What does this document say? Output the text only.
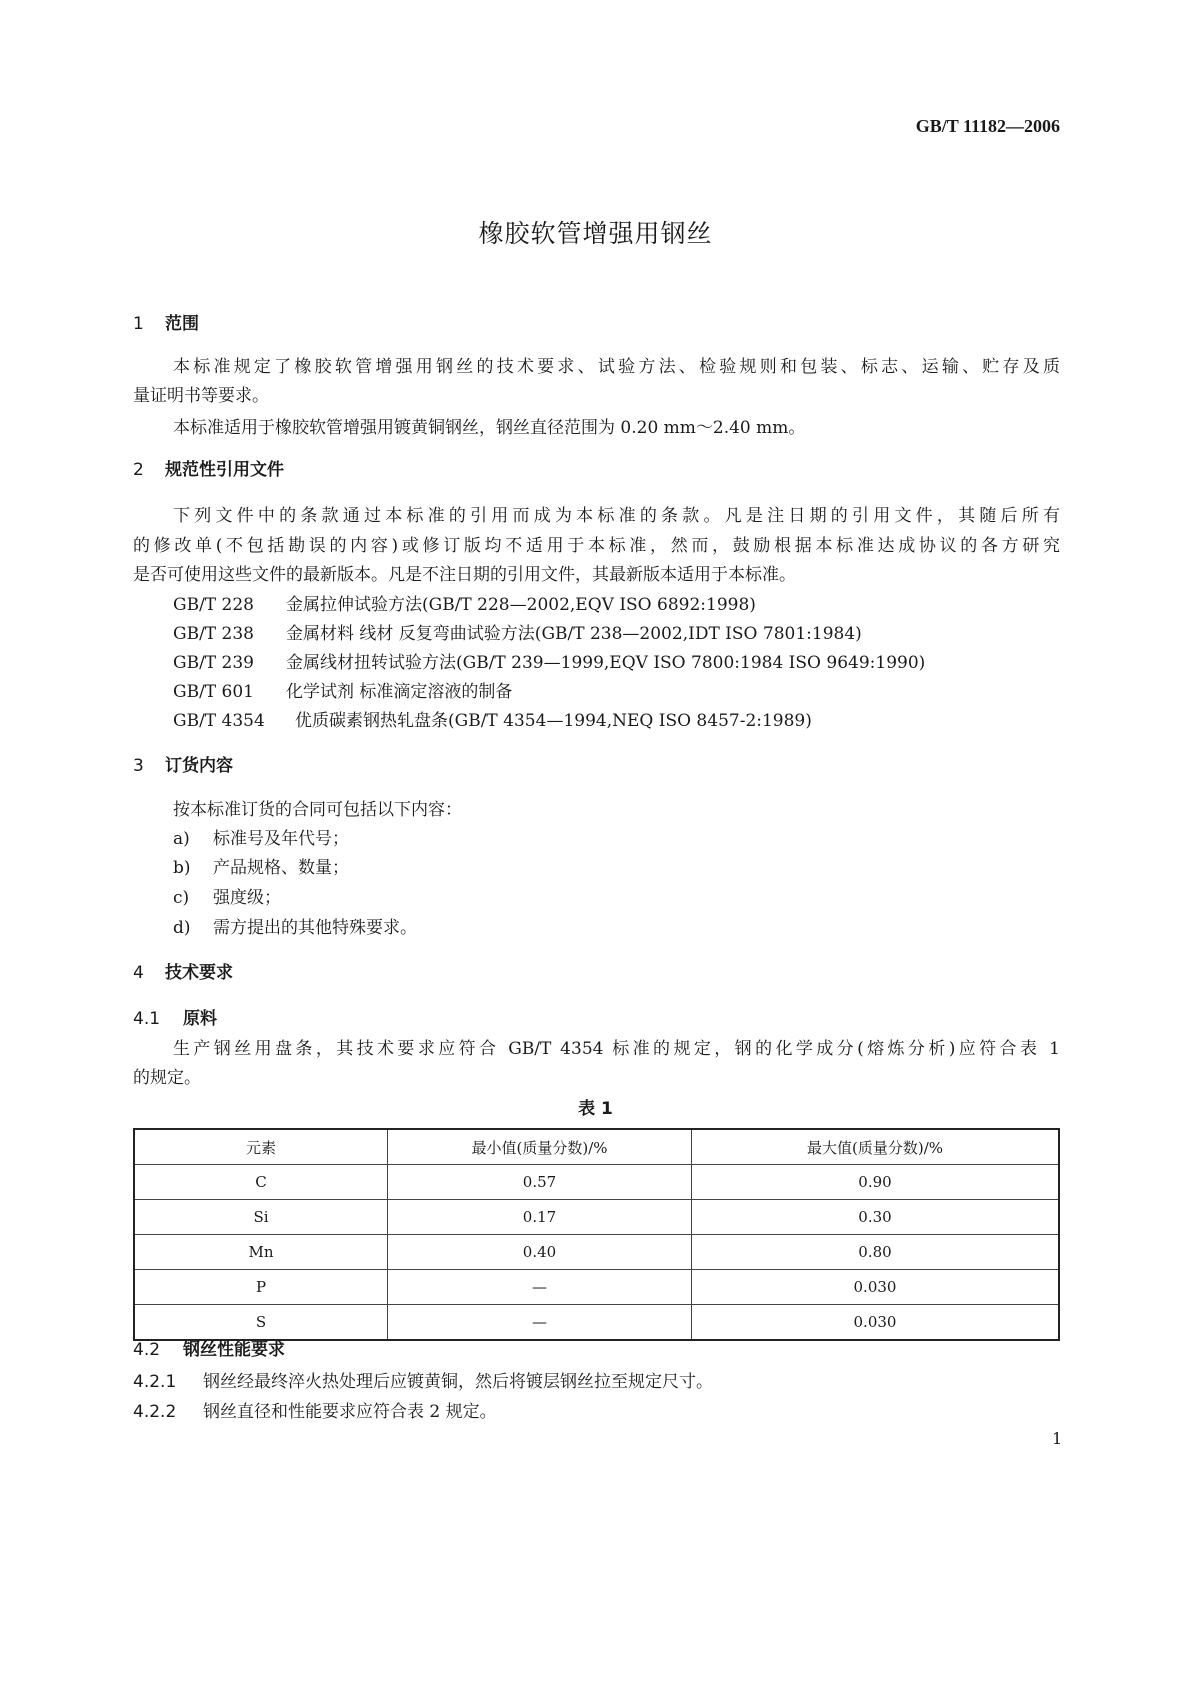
GB/T 11182—2006
橡胶软管增强用钢丝
1 范围
本标准规定了橡胶软管增强用钢丝的技术要求、试验方法、检验规则和包装、标志、运输、贮存及质
量证明书等要求。
本标准适用于橡胶软管增强用镀黄铜钢丝，钢丝直径范围为 0.20 mm～2.40 mm。
2 规范性引用文件
下列文件中的条款通过本标准的引用而成为本标准的条款。凡是注日期的引用文件，其随后所有
的修改单(不包括勘误的内容)或修订版均不适用于本标准，然而，鼓励根据本标准达成协议的各方研究
是否可使用这些文件的最新版本。凡是不注日期的引用文件，其最新版本适用于本标准。
GB/T 228 金属拉伸试验方法(GB/T 228—2002,EQV ISO 6892:1998)
GB/T 238 金属材料 线材 反复弯曲试验方法(GB/T 238—2002,IDT ISO 7801:1984)
GB/T 239 金属线材扭转试验方法(GB/T 239—1999,EQV ISO 7800:1984 ISO 9649:1990)
GB/T 601 化学试剂 标准滴定溶液的制备
GB/T 4354 优质碳素钢热轧盘条(GB/T 4354—1994,NEQ ISO 8457-2:1989)
3 订货内容
按本标准订货的合同可包括以下内容：
a) 标准号及年代号；
b) 产品规格、数量；
c) 强度级；
d) 需方提出的其他特殊要求。
4 技术要求
4.1 原料
生产钢丝用盘条，其技术要求应符合 GB/T 4354 标准的规定，钢的化学成分(熔炼分析)应符合表 1
的规定。
表 1
元素	最小值(质量分数)/%	最大值(质量分数)/%
C	0.57	0.90
Si	0.17	0.30
Mn	0.40	0.80
P	—	0.030
S	—	0.030
4.2 钢丝性能要求
4.2.1 钢丝经最终淬火热处理后应镀黄铜，然后将镀层钢丝拉至规定尺寸。
4.2.2 钢丝直径和性能要求应符合表 2 规定。
1
